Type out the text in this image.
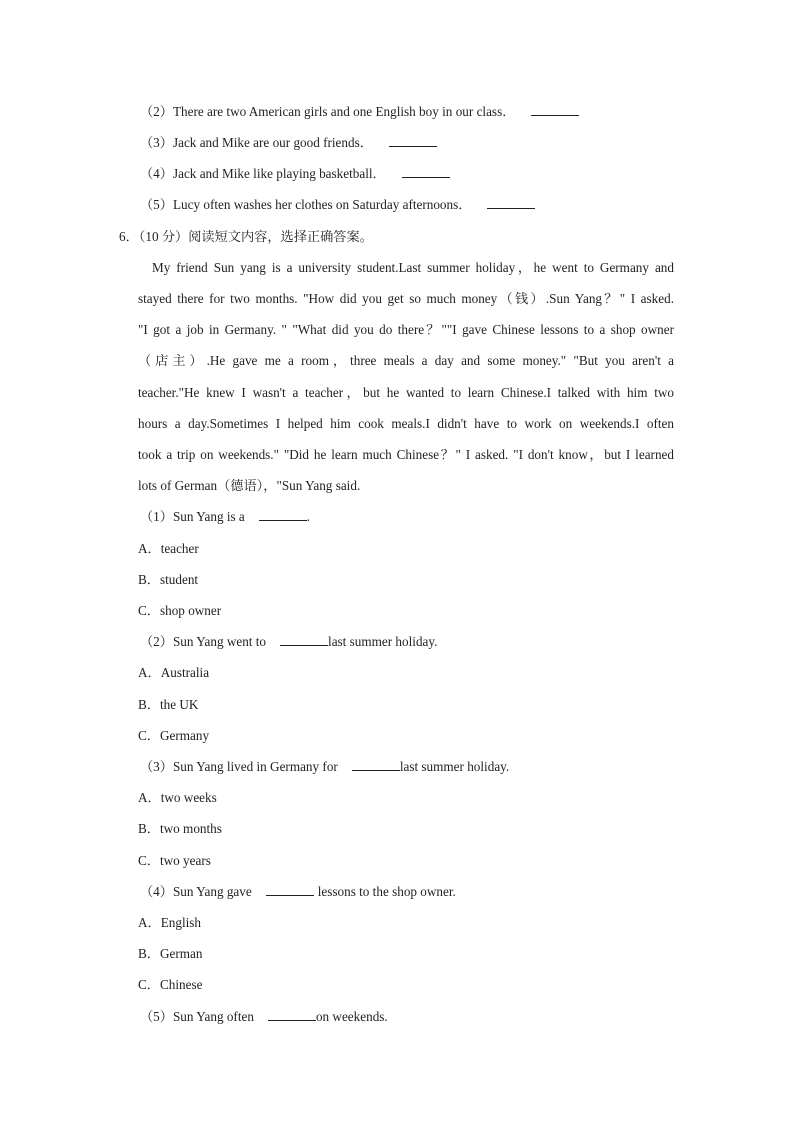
（2）There are two American girls and one English boy in our class．
（3）Jack and Mike are our good friends．
（4）Jack and Mike like playing basketball．
（5）Lucy often washes her clothes on Saturday afternoons．
6．（10 分）阅读短文内容，选择正确答案。
My friend Sun yang is a university student.Last summer holiday，he went to Germany and
stayed there for two months. "How did you get so much money（钱）.Sun Yang？" I asked.
"I got a job in Germany. " "What did you do there？""I gave Chinese lessons to a shop owner
（店主）.He gave me a room，three meals a day and some money." "But you aren't a
teacher."He knew I wasn't a teacher，but he wanted to learn Chinese.I talked with him two
hours a day.Sometimes I helped him cook meals.I didn't have to work on weekends.I often
took a trip on weekends." "Did he learn much Chinese？" I asked. "I don't know，but I learned
lots of German（德语），"Sun Yang said.
（1）Sun Yang is a	.
A．teacher
B．student
C．shop owner
（2）Sun Yang went to	last summer holiday.
A．Australia
B．the UK
C．Germany
（3）Sun Yang lived in Germany for	last summer holiday.
A．two weeks
B．two months
C．two years
（4）Sun Yang gave	lessons to the shop owner.
A．English
B．German
C．Chinese
（5）Sun Yang often	on weekends.
